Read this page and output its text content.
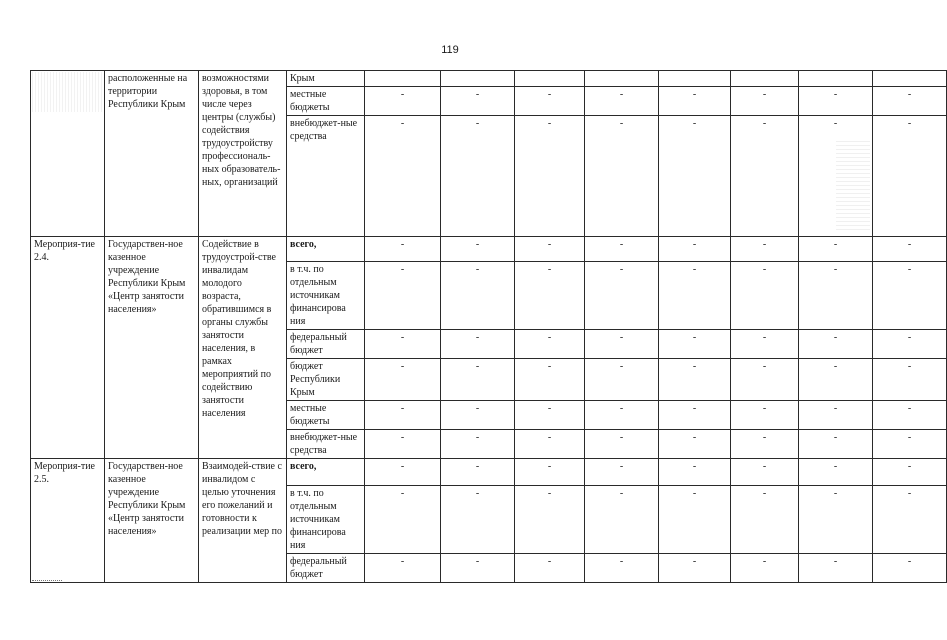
119
	расположенные на территории Республики Крым	возможностями здоровья, в том числе через центры (службы) содействия трудоустройству профессиональ-ных образователь-ных, организаций	Крым								
			местные бюджеты	-	-	-	-	-	-	-	-
			внебюджет-ные средства	-	-	-	-	-	-	-	-
Мероприя-тие 2.4.	Государствен-ное казенное учреждение Республики Крым «Центр занятости населения»	Содействие в трудоустрой-стве инвалидам молодого возраста, обратившимся в органы службы занятости населения, в рамках мероприятий по содействию занятости населения	всего,	-	-	-	-	-	-	-	-
			в т.ч. по отдельным источникам финансирова ния	-	-	-	-	-	-	-	-
			федеральный бюджет	-	-	-	-	-	-	-	-
			бюджет Республики Крым	-	-	-	-	-	-	-	-
			местные бюджеты	-	-	-	-	-	-	-	-
			внебюджет-ные средства	-	-	-	-	-	-	-	-
Мероприя-тие 2.5.	Государствен-ное казенное учреждение Республики Крым «Центр занятости населения»	Взаимодей-ствие с инвалидом с целью уточнения его пожеланий и готовности к реализации мер по	всего,	-	-	-	-	-	-	-	-
			в т.ч. по отдельным источникам финансирова ния	-	-	-	-	-	-	-	-
			федеральный бюджет	-	-	-	-	-	-	-	-
